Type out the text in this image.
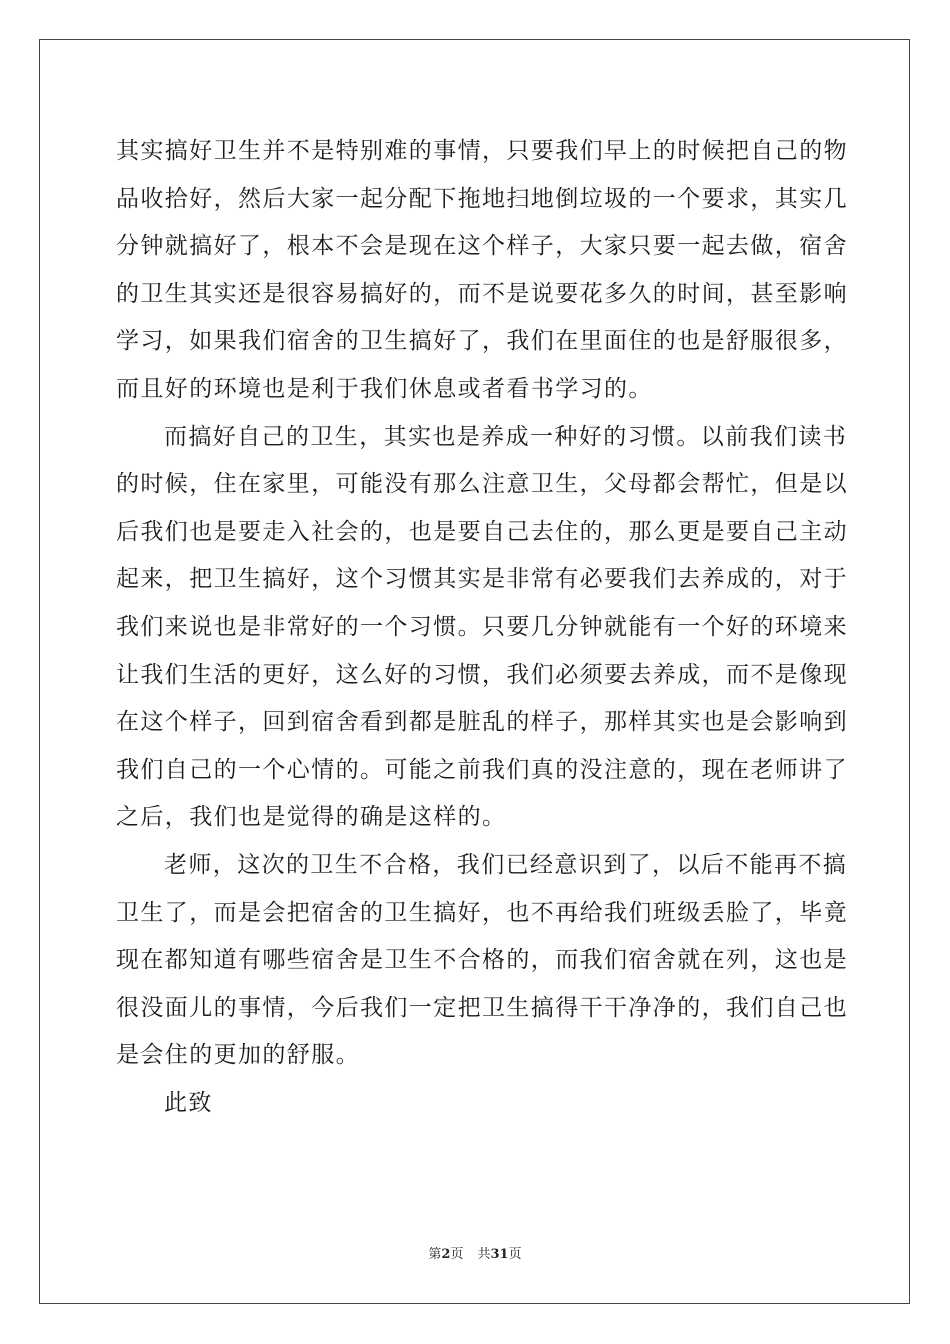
其实搞好卫生并不是特别难的事情，只要我们早上的时候把自己的物
品收拾好，然后大家一起分配下拖地扫地倒垃圾的一个要求，其实几
分钟就搞好了，根本不会是现在这个样子，大家只要一起去做，宿舍
的卫生其实还是很容易搞好的，而不是说要花多久的时间，甚至影响
学习，如果我们宿舍的卫生搞好了，我们在里面住的也是舒服很多，
而且好的环境也是利于我们休息或者看书学习的。
而搞好自己的卫生，其实也是养成一种好的习惯。以前我们读书
的时候，住在家里，可能没有那么注意卫生，父母都会帮忙，但是以
后我们也是要走入社会的，也是要自己去住的，那么更是要自己主动
起来，把卫生搞好，这个习惯其实是非常有必要我们去养成的，对于
我们来说也是非常好的一个习惯。只要几分钟就能有一个好的环境来
让我们生活的更好，这么好的习惯，我们必须要去养成，而不是像现
在这个样子，回到宿舍看到都是脏乱的样子，那样其实也是会影响到
我们自己的一个心情的。可能之前我们真的没注意的，现在老师讲了
之后，我们也是觉得的确是这样的。
老师，这次的卫生不合格，我们已经意识到了，以后不能再不搞
卫生了，而是会把宿舍的卫生搞好，也不再给我们班级丢脸了，毕竟
现在都知道有哪些宿舍是卫生不合格的，而我们宿舍就在列，这也是
很没面儿的事情，今后我们一定把卫生搞得干干净净的，我们自己也
是会住的更加的舒服。
此致
第2页 共31页
